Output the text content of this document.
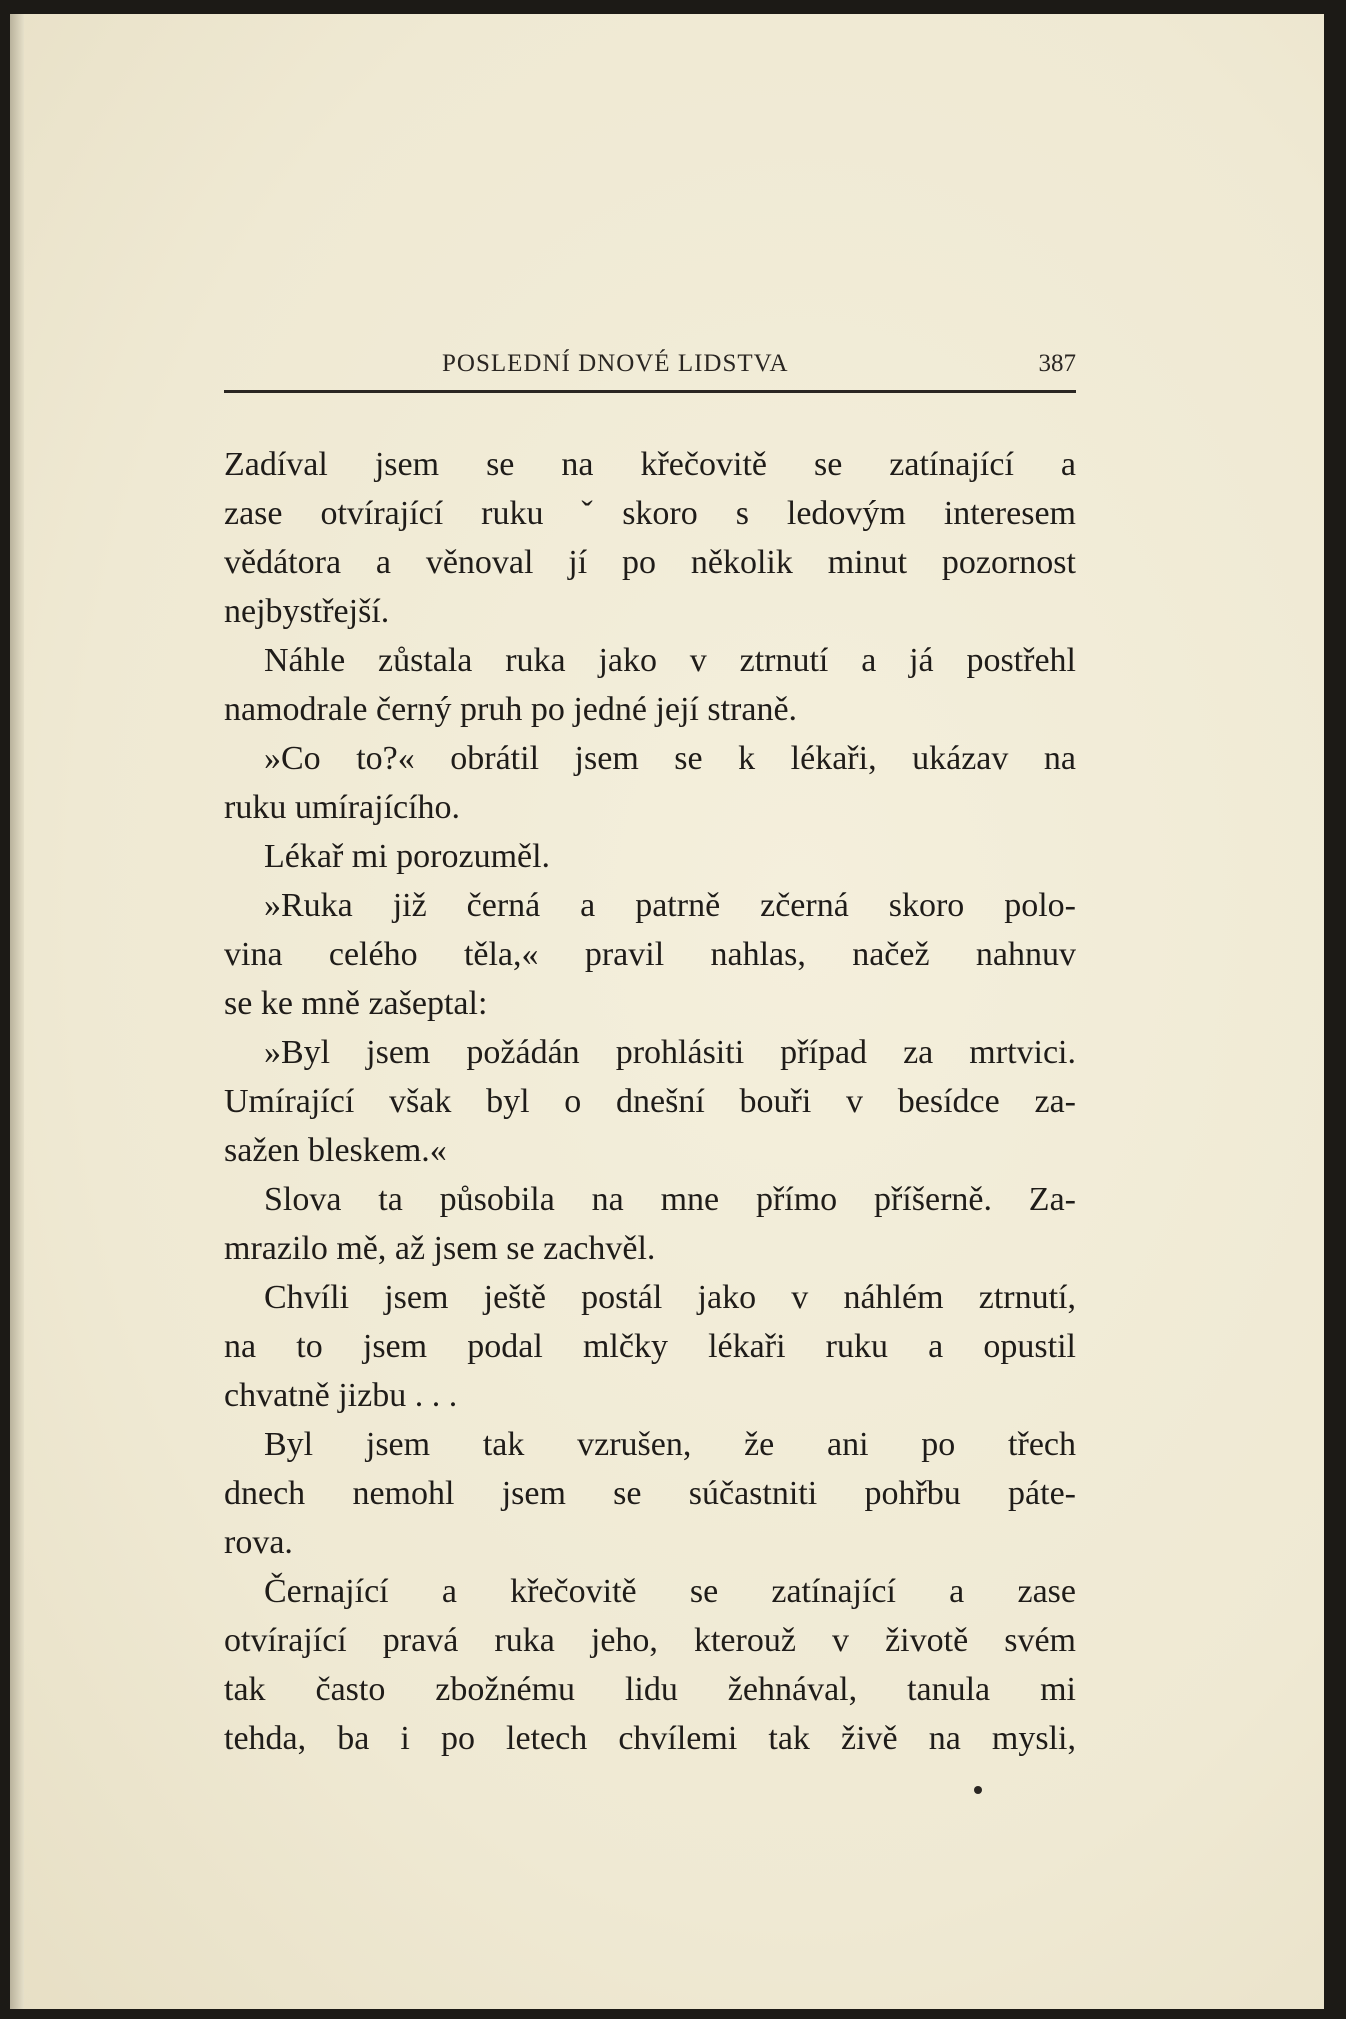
POSLEDNÍ DNOVÉ LIDSTVA	387
Zadíval jsem se na křečovitě se zatínající a
zase otvírající ruku ˇskoro s ledovým interesem
vědátora a věnoval jí po několik minut pozornost
nejbystřejší.
Náhle zůstala ruka jako v ztrnutí a já postřehl
namodrale černý pruh po jedné její straně.
»Co to?« obrátil jsem se k lékaři, ukázav na
ruku umírajícího.
Lékař mi porozuměl.
»Ruka již černá a patrně zčerná skoro polo-
vina celého těla,« pravil nahlas, načež nahnuv
se ke mně zašeptal:
»Byl jsem požádán prohlásiti případ za mrtvici.
Umírající však byl o dnešní bouři v besídce za-
sažen bleskem.«
Slova ta působila na mne přímo příšerně. Za-
mrazilo mě, až jsem se zachvěl.
Chvíli jsem ještě postál jako v náhlém ztrnutí,
na to jsem podal mlčky lékaři ruku a opustil
chvatně jizbu . . .
Byl jsem tak vzrušen, že ani po třech
dnech nemohl jsem se súčastniti pohřbu páte-
rova.
Černající a křečovitě se zatínající a zase
otvírající pravá ruka jeho, kterouž v životě svém
tak často zbožnému lidu žehnával, tanula mi
tehda, ba i po letech chvílemi tak živě na mysli,
